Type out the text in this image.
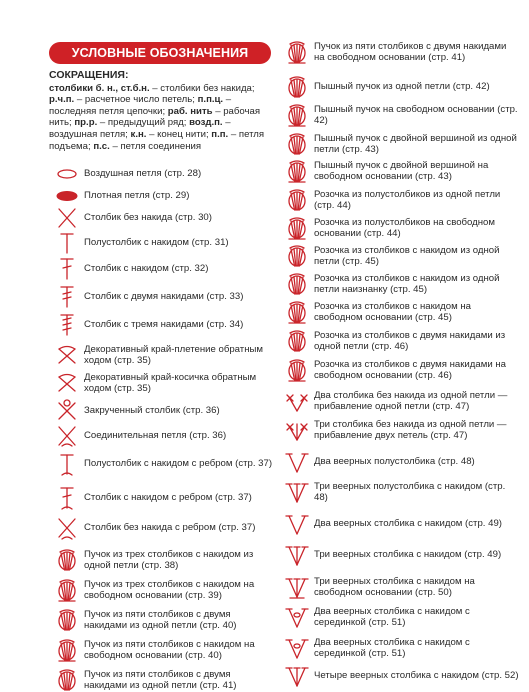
УСЛОВНЫЕ ОБОЗНАЧЕНИЯ ПЕТЕЛЬ
СОКРАЩЕНИЯ:
столбики б. н., ст.б.н. – столбики без накида; р.ч.п. – расчетное число петель; п.п.ц. – последняя петля цепочки; раб. нить – рабочая нить; пр.р. – предыдущий ряд; возд.п. – воздушная петля; к.н. – конец нити; п.п. – петля подъема; п.с. – петля соединения
Воздушная петля (стр. 28)
Плотная петля (стр. 29)
Столбик без накида (стр. 30)
Полустолбик с накидом (стр. 31)
Столбик с накидом (стр. 32)
Столбик с двумя накидами (стр. 33)
Столбик с тремя накидами (стр. 34)
Декоративный край-плетение обратным ходом (стр. 35)
Декоративный край-косичка обратным ходом (стр. 35)
Закрученный столбик (стр. 36)
Соединительная петля (стр. 36)
Полустолбик с накидом с ребром (стр. 37)
Столбик с накидом с ребром (стр. 37)
Столбик без накида с ребром (стр. 37)
Пучок из трех столбиков с накидом из одной петли (стр. 38)
Пучок из трех столбиков с накидом на свободном основании (стр. 39)
Пучок из пяти столбиков с двумя накидами из одной петли (стр. 40)
Пучок из пяти столбиков с накидом на свободном основании (стр. 40)
Пучок из пяти столбиков с двумя накидами из одной петли (стр. 41)
Пучок из пяти столбиков с двумя накидами на свободном основании (стр. 41)
Пышный пучок из одной петли (стр. 42)
Пышный пучок на свободном основании (стр. 42)
Пышный пучок с двойной вершиной из одной петли (стр. 43)
Пышный пучок с двойной вершиной на свободном основании (стр. 43)
Розочка из полустолбиков из одной петли (стр. 44)
Розочка из полустолбиков на свободном основании (стр. 44)
Розочка из столбиков с накидом из одной петли (стр. 45)
Розочка из столбиков с накидом из одной петли наизнанку (стр. 45)
Розочка из столбиков с накидом на свободном основании (стр. 45)
Розочка из столбиков с двумя накидами из одной петли (стр. 46)
Розочка из столбиков с двумя накидами на свободном основании (стр. 46)
Два столбика без накида из одной петли — прибавление одной петли (стр. 47)
Три столбика без накида из одной петли — прибавление двух петель (стр. 47)
Два веерных полустолбика (стр. 48)
Три веерных полустолбика с накидом (стр. 48)
Два веерных столбика с накидом (стр. 49)
Три веерных столбика с накидом (стр. 49)
Три веерных столбика с накидом на свободном основании (стр. 50)
Два веерных столбика с накидом с серединкой (стр. 51)
Два веерных столбика с накидом с серединкой (стр. 51)
Четыре веерных столбика с накидом (стр. 52)
